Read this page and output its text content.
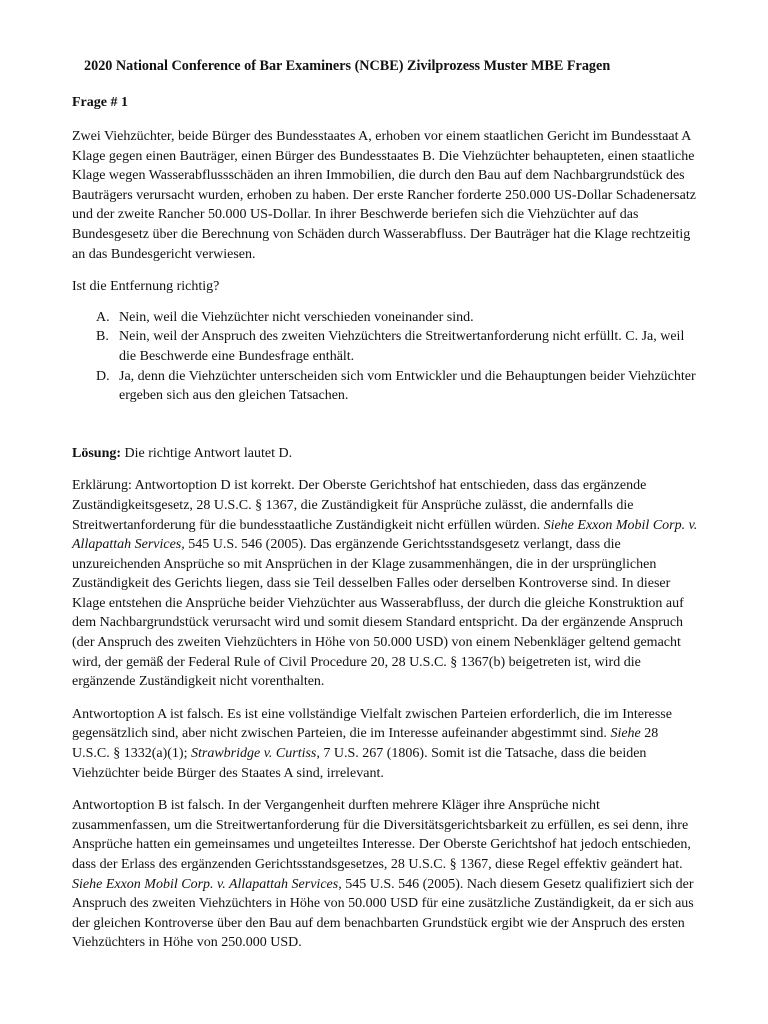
2020 National Conference of Bar Examiners (NCBE) Zivilprozess Muster MBE Fragen
Frage # 1

Zwei Viehzüchter, beide Bürger des Bundesstaates A, erhoben vor einem staatlichen Gericht im Bundesstaat A Klage gegen einen Bauträger, einen Bürger des Bundesstaates B. Die Viehzüchter behaupteten, einen staatliche Klage wegen Wasserabflussschäden an ihren Immobilien, die durch den Bau auf dem Nachbargrundstück des Bauträgers verursacht wurden, erhoben zu haben. Der erste Rancher forderte 250.000 US-Dollar Schadenersatz und der zweite Rancher 50.000 US-Dollar. In ihrer Beschwerde beriefen sich die Viehzüchter auf das Bundesgesetz über die Berechnung von Schäden durch Wasserabfluss. Der Bauträger hat die Klage rechtzeitig an das Bundesgericht verwiesen.

Ist die Entfernung richtig?

A. Nein, weil die Viehzüchter nicht verschieden voneinander sind.
B. Nein, weil der Anspruch des zweiten Viehzüchters die Streitwertanforderung nicht erfüllt. C. Ja, weil die Beschwerde eine Bundesfrage enthält.
D. Ja, denn die Viehzüchter unterscheiden sich vom Entwickler und die Behauptungen beider Viehzüchter ergeben sich aus den gleichen Tatsachen.

Lösung: Die richtige Antwort lautet D.

Erklärung: Antwortoption D ist korrekt. Der Oberste Gerichtshof hat entschieden, dass das ergänzende Zuständigkeitsgesetz, 28 U.S.C. § 1367, die Zuständigkeit für Ansprüche zulässt, die andernfalls die Streitwertanforderung für die bundesstaatliche Zuständigkeit nicht erfüllen würden. Siehe Exxon Mobil Corp. v. Allapattah Services, 545 U.S. 546 (2005). Das ergänzende Gerichtsstandsgesetz verlangt, dass die unzureichenden Ansprüche so mit Ansprüchen in der Klage zusammenhängen, die in der ursprünglichen Zuständigkeit des Gerichts liegen, dass sie Teil desselben Falles oder derselben Kontroverse sind. In dieser Klage entstehen die Ansprüche beider Viehzüchter aus Wasserabfluss, der durch die gleiche Konstruktion auf dem Nachbargrundstück verursacht wird und somit diesem Standard entspricht. Da der ergänzende Anspruch (der Anspruch des zweiten Viehzüchters in Höhe von 50.000 USD) von einem Nebenkläger geltend gemacht wird, der gemäß der Federal Rule of Civil Procedure 20, 28 U.S.C. § 1367(b) beigetreten ist, wird die ergänzende Zuständigkeit nicht vorenthalten.

Antwortoption A ist falsch. Es ist eine vollständige Vielfalt zwischen Parteien erforderlich, die im Interesse gegensätzlich sind, aber nicht zwischen Parteien, die im Interesse aufeinander abgestimmt sind. Siehe 28 U.S.C. § 1332(a)(1); Strawbridge v. Curtiss, 7 U.S. 267 (1806). Somit ist die Tatsache, dass die beiden Viehzüchter beide Bürger des Staates A sind, irrelevant.

Antwortoption B ist falsch. In der Vergangenheit durften mehrere Kläger ihre Ansprüche nicht zusammenfassen, um die Streitwertanforderung für die Diversitätsgerichtsbarkeit zu erfüllen, es sei denn, ihre Ansprüche hatten ein gemeinsames und ungeteiltes Interesse. Der Oberste Gerichtshof hat jedoch entschieden, dass der Erlass des ergänzenden Gerichtsstandsgesetzes, 28 U.S.C. § 1367, diese Regel effektiv geändert hat. Siehe Exxon Mobil Corp. v. Allapattah Services, 545 U.S. 546 (2005). Nach diesem Gesetz qualifiziert sich der Anspruch des zweiten Viehzüchters in Höhe von 50.000 USD für eine zusätzliche Zuständigkeit, da er sich aus der gleichen Kontroverse über den Bau auf dem benachbarten Grundstück ergibt wie der Anspruch des ersten Viehzüchters in Höhe von 250.000 USD.
